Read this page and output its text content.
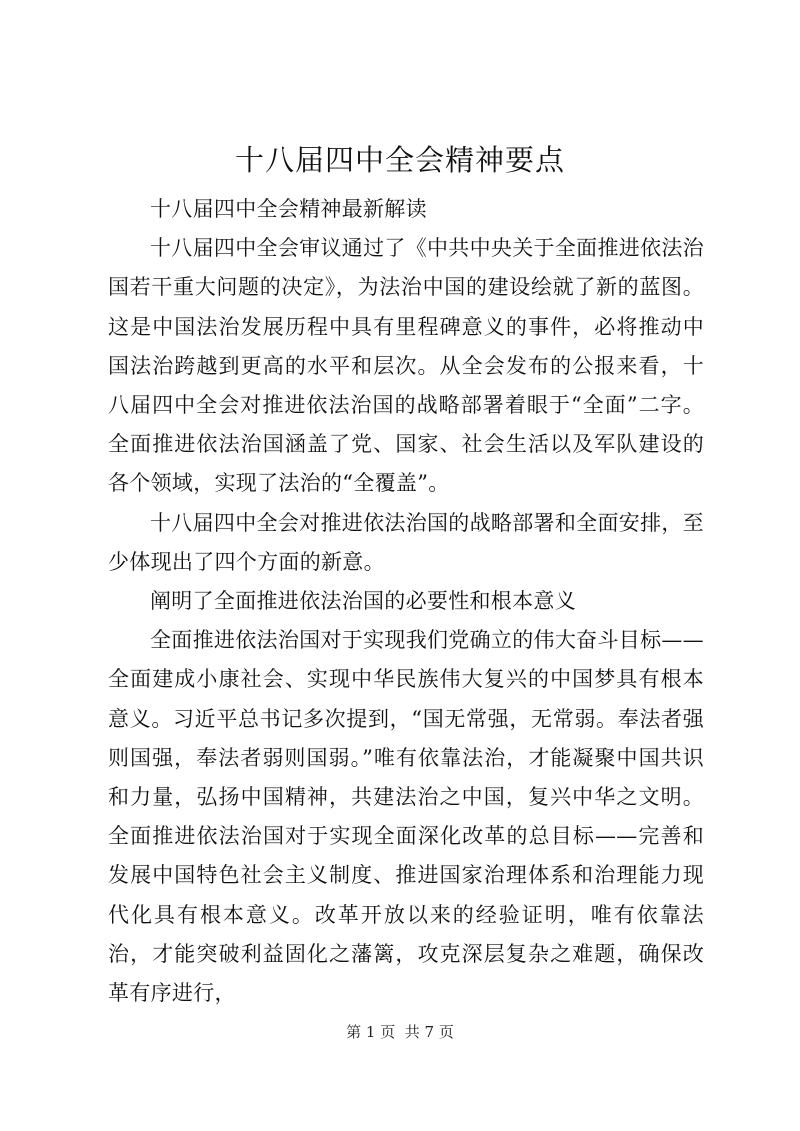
十八届四中全会精神要点

十八届四中全会精神最新解读

十八届四中全会审议通过了《中共中央关于全面推进依法治国若干重大问题的决定》，为法治中国的建设绘就了新的蓝图。这是中国法治发展历程中具有里程碑意义的事件，必将推动中国法治跨越到更高的水平和层次。从全会发布的公报来看，十八届四中全会对推进依法治国的战略部署着眼于“全面”二字。全面推进依法治国涵盖了党、国家、社会生活以及军队建设的各个领域，实现了法治的“全覆盖”。

十八届四中全会对推进依法治国的战略部署和全面安排，至少体现出了四个方面的新意。

阐明了全面推进依法治国的必要性和根本意义

全面推进依法治国对于实现我们党确立的伟大奋斗目标——全面建成小康社会、实现中华民族伟大复兴的中国梦具有根本意义。习近平总书记多次提到，“国无常强，无常弱。奉法者强则国强，奉法者弱则国弱。”唯有依靠法治，才能凝聚中国共识和力量，弘扬中国精神，共建法治之中国，复兴中华之文明。全面推进依法治国对于实现全面深化改革的总目标——完善和发展中国特色社会主义制度、推进国家治理体系和治理能力现代化具有根本意义。改革开放以来的经验证明，唯有依靠法治，才能突破利益固化之藩篱，攻克深层复杂之难题，确保改革有序进行，

第 1 页  共 7 页
